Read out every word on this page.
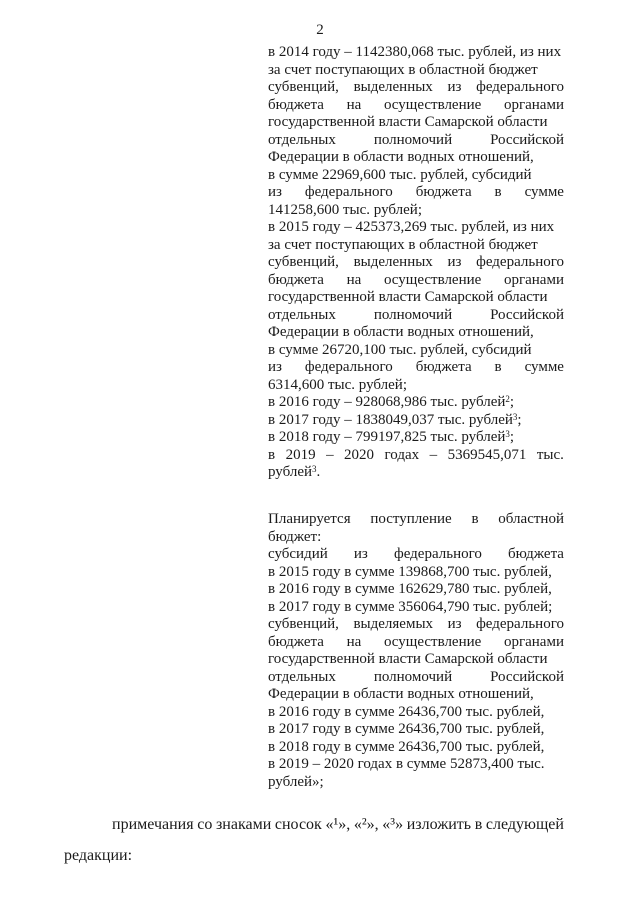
2
в 2014 году – 1142380,068 тыс. рублей, из них
за счет поступающих в областной бюджет
субвенций, выделенных из федерального
бюджета на осуществление органами
государственной власти Самарской области
отдельных	полномочий	Российской
Федерации в области водных отношений,
в сумме 22969,600 тыс. рублей, субсидий
из федерального бюджета в сумме
141258,600 тыс. рублей;
в 2015 году – 425373,269 тыс. рублей, из них
за счет поступающих в областной бюджет
субвенций, выделенных из федерального
бюджета на осуществление органами
государственной власти Самарской области
отдельных	полномочий	Российской
Федерации в области водных отношений,
в сумме 26720,100 тыс. рублей, субсидий
из федерального бюджета в сумме
6314,600 тыс. рублей;
в 2016 году – 928068,986 тыс. рублей$^2$;
в 2017 году – 1838049,037 тыс. рублей$^3$;
в 2018 году – 799197,825 тыс. рублей$^3$;
в 2019 – 2020 годах – 5369545,071 тыс.
рублей$^3$.
Планируется поступление в областной
бюджет:
субсидий из федерального бюджета
в 2015 году в сумме 139868,700 тыс. рублей,
в 2016 году в сумме 162629,780 тыс. рублей,
в 2017 году в сумме 356064,790 тыс. рублей;
субвенций, выделяемых из федерального
бюджета на осуществление органами
государственной власти Самарской области
отдельных	полномочий	Российской
Федерации в области водных отношений,
в 2016 году в сумме 26436,700 тыс. рублей,
в 2017 году в сумме 26436,700 тыс. рублей,
в 2018 году в сумме 26436,700 тыс. рублей,
в 2019 – 2020 годах в сумме 52873,400 тыс.
рублей»;
примечания со знаками сносок «¹», «²», «³» изложить в следующей
редакции:
